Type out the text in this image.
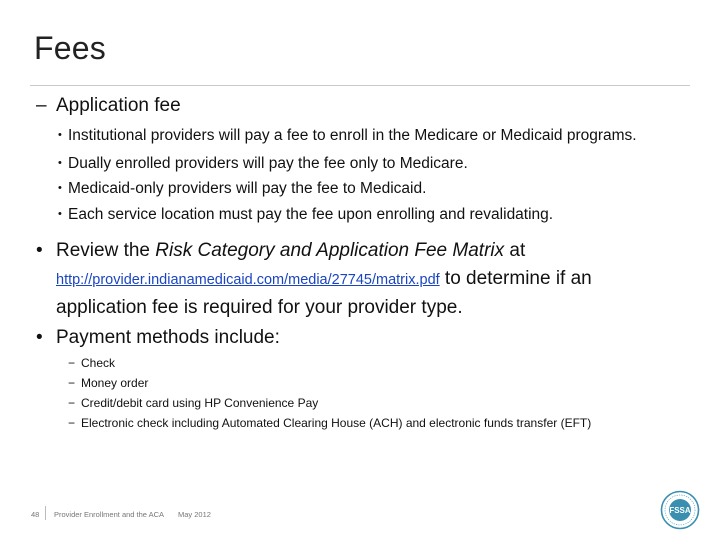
Fees
– Application fee
• Institutional providers will pay a fee to enroll in the Medicare or Medicaid programs.
• Dually enrolled providers will pay the fee only to Medicare.
• Medicaid-only providers will pay the fee to Medicaid.
• Each service location must pay the fee upon enrolling and revalidating.
• Review the Risk Category and Application Fee Matrix at
http://provider.indianamedicaid.com/media/27745/matrix.pdf to determine if an application fee is required for your provider type.
• Payment methods include:
− Check
− Money order
− Credit/debit card using HP Convenience Pay
− Electronic check including Automated Clearing House (ACH) and electronic funds transfer (EFT)
48 Provider Enrollment and the ACA May 2012	FSSA
